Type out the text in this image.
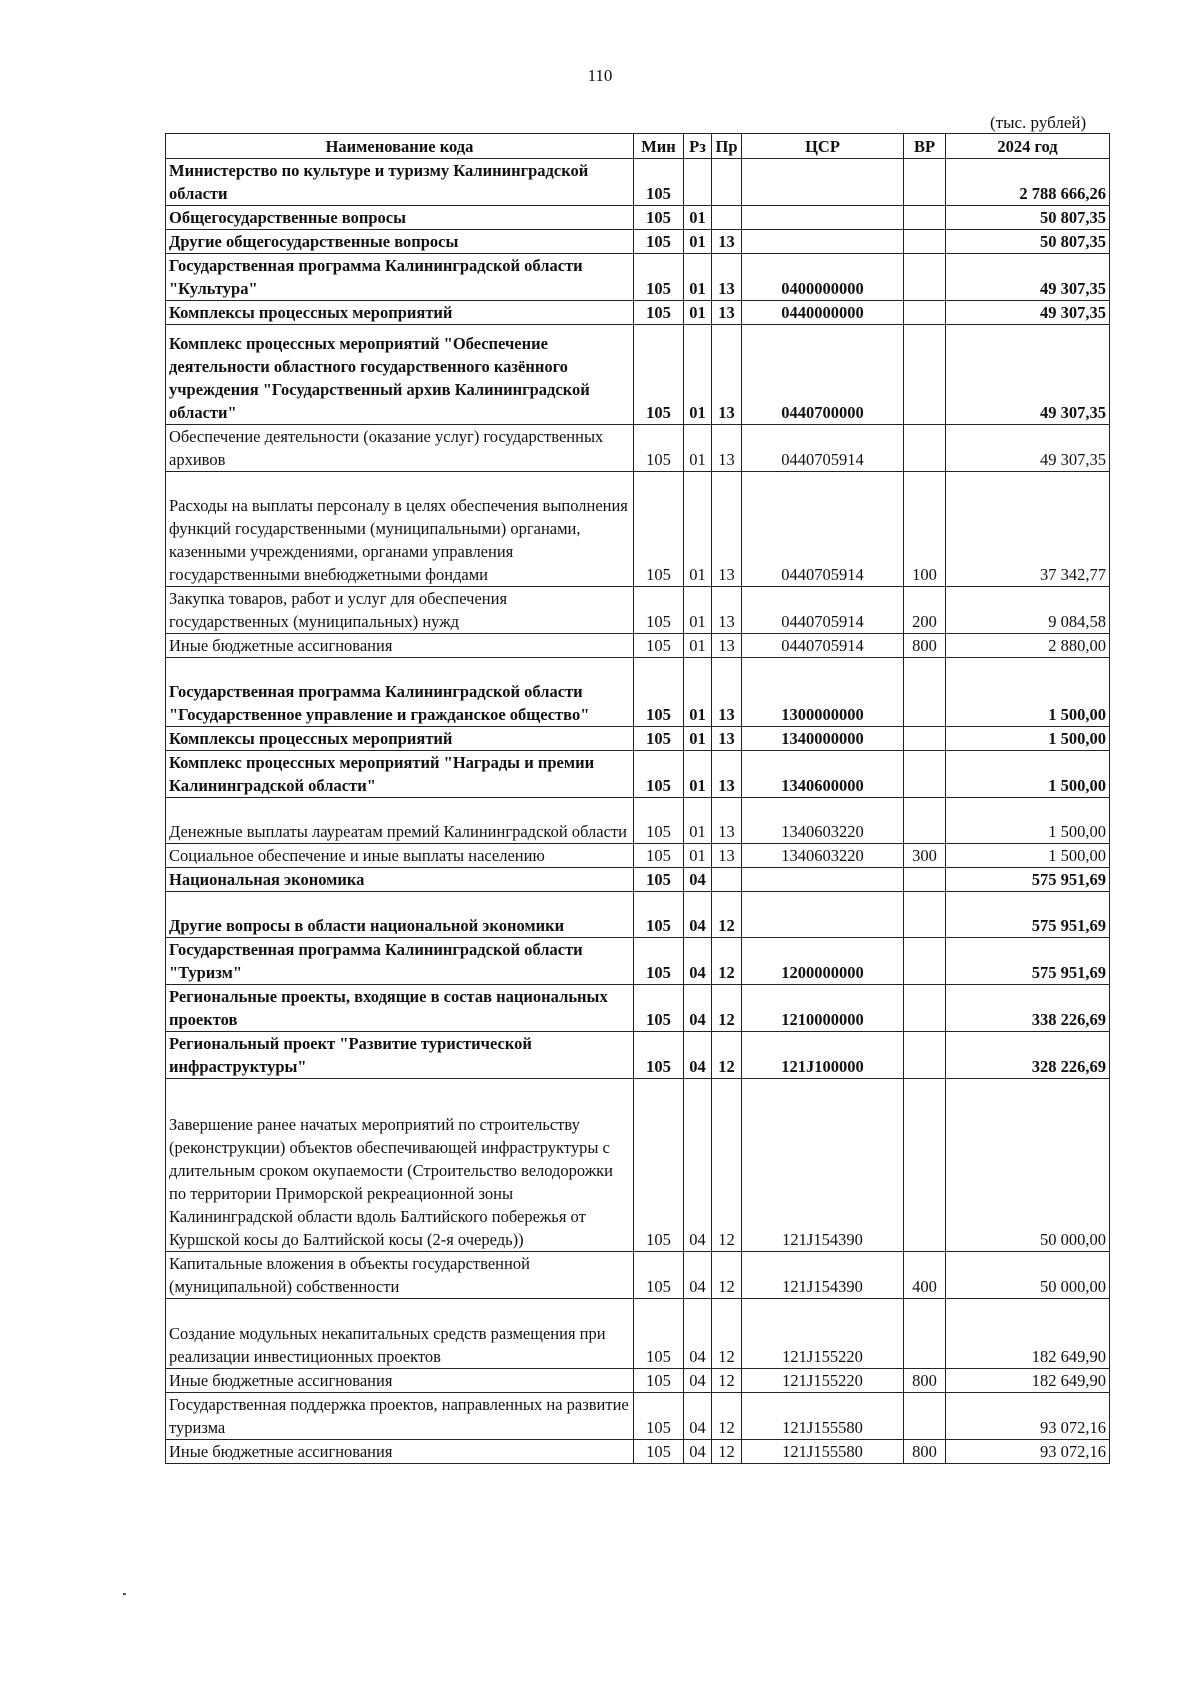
110
(тыс. рублей)
Наименование кода	Мин	Рз	Пр	ЦСР	ВР	2024 год
Министерство по культуре и туризму Калининградской области	105					2 788 666,26
Общегосударственные вопросы	105	01				50 807,35
Другие общегосударственные вопросы	105	01	13			50 807,35
Государственная программа Калининградской области "Культура"	105	01	13	0400000000		49 307,35
Комплексы процессных мероприятий	105	01	13	0440000000		49 307,35
Комплекс процессных мероприятий "Обеспечение деятельности областного государственного казённого учреждения "Государственный архив Калининградской области"	105	01	13	0440700000		49 307,35
Обеспечение деятельности (оказание услуг) государственных архивов	105	01	13	0440705914		49 307,35
Расходы на выплаты персоналу в целях обеспечения выполнения функций государственными (муниципальными) органами, казенными учреждениями, органами управления государственными внебюджетными фондами	105	01	13	0440705914	100	37 342,77
Закупка товаров, работ и услуг для обеспечения государственных (муниципальных) нужд	105	01	13	0440705914	200	9 084,58
Иные бюджетные ассигнования	105	01	13	0440705914	800	2 880,00
Государственная программа Калининградской области "Государственное управление и гражданское общество"	105	01	13	1300000000		1 500,00
Комплексы процессных мероприятий	105	01	13	1340000000		1 500,00
Комплекс процессных мероприятий "Награды и премии Калининградской области"	105	01	13	1340600000		1 500,00
Денежные выплаты лауреатам премий Калининградской области	105	01	13	1340603220		1 500,00
Социальное обеспечение и иные выплаты населению	105	01	13	1340603220	300	1 500,00
Национальная экономика	105	04				575 951,69
Другие вопросы в области национальной экономики	105	04	12			575 951,69
Государственная программа Калининградской области "Туризм"	105	04	12	1200000000		575 951,69
Региональные проекты, входящие в состав национальных проектов	105	04	12	1210000000		338 226,69
Региональный проект "Развитие туристической инфраструктуры"	105	04	12	121J100000		328 226,69
Завершение ранее начатых мероприятий по строительству (реконструкции) объектов обеспечивающей инфраструктуры с длительным сроком окупаемости (Строительство велодорожки по территории Приморской рекреационной зоны Калининградской области вдоль Балтийского побережья от Куршской косы до Балтийской косы (2-я очередь))	105	04	12	121J154390		50 000,00
Капитальные вложения в объекты государственной (муниципальной) собственности	105	04	12	121J154390	400	50 000,00
Создание модульных некапитальных средств размещения при реализации инвестиционных проектов	105	04	12	121J155220		182 649,90
Иные бюджетные ассигнования	105	04	12	121J155220	800	182 649,90
Государственная поддержка проектов, направленных на развитие туризма	105	04	12	121J155580		93 072,16
Иные бюджетные ассигнования	105	04	12	121J155580	800	93 072,16
